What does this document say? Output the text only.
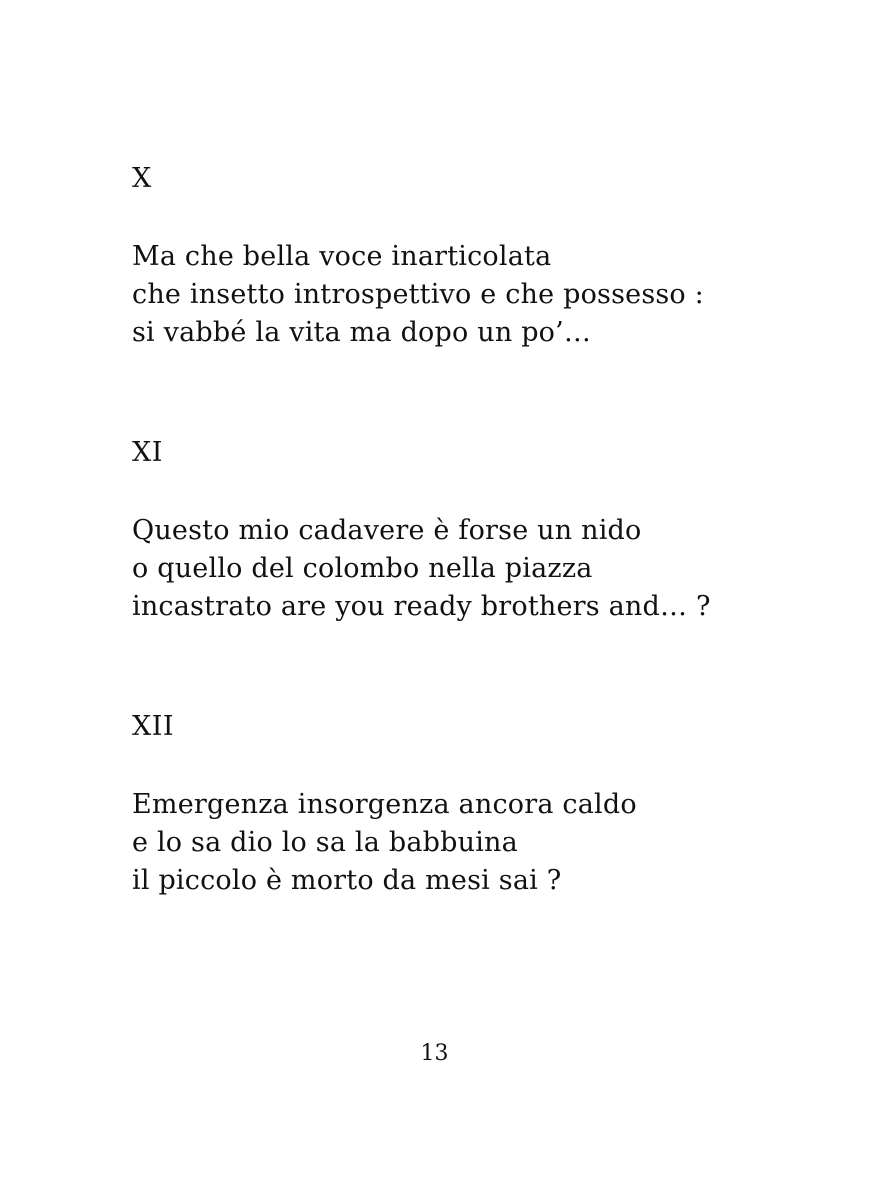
X
Ma che bella voce inarticolata
che insetto introspettivo e che possesso :
si vabbé la vita ma dopo un po’…
XI
Questo mio cadavere è forse un nido
o quello del colombo nella piazza
incastrato are you ready brothers and… ?
XII
Emergenza insorgenza ancora caldo
e lo sa dio lo sa la babbuina
il piccolo è morto da mesi sai ?
13
